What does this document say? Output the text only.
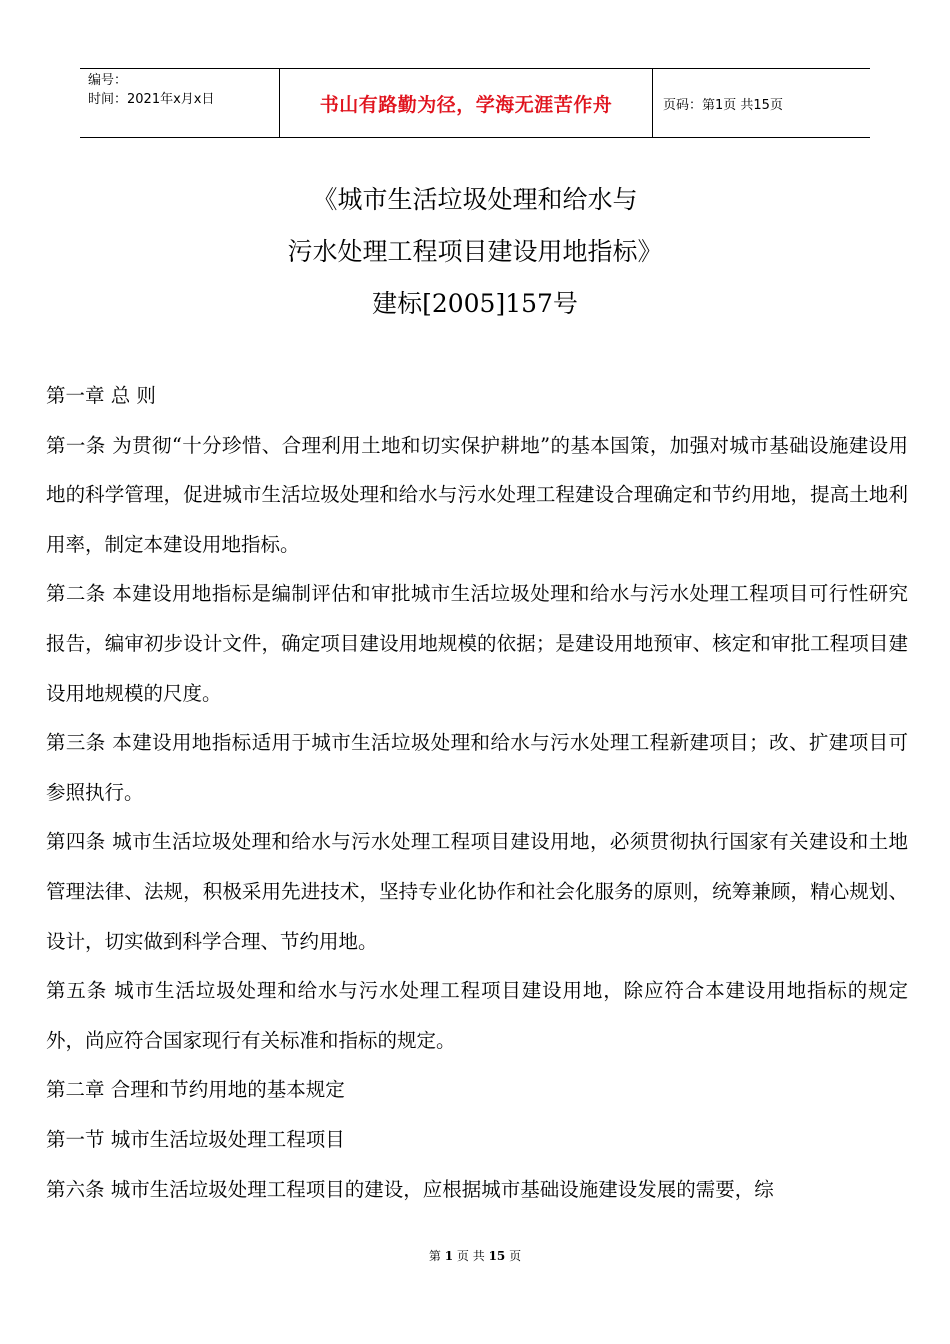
编号：
时间：2021年x月x日	书山有路勤为径，学海无涯苦作舟	页码：第1页 共15页
《城市生活垃圾处理和给水与
污水处理工程项目建设用地指标》
建标[2005]157号

第一章 总 则

第一条 为贯彻“十分珍惜、合理利用土地和切实保护耕地”的基本国策，加强对城市基础设施建设用地的科学管理，促进城市生活垃圾处理和给水与污水处理工程建设合理确定和节约用地，提高土地利用率，制定本建设用地指标。

第二条 本建设用地指标是编制评估和审批城市生活垃圾处理和给水与污水处理工程项目可行性研究报告，编审初步设计文件，确定项目建设用地规模的依据；是建设用地预审、核定和审批工程项目建设用地规模的尺度。

第三条 本建设用地指标适用于城市生活垃圾处理和给水与污水处理工程新建项目；改、扩建项目可参照执行。

第四条 城市生活垃圾处理和给水与污水处理工程项目建设用地，必须贯彻执行国家有关建设和土地管理法律、法规，积极采用先进技术，坚持专业化协作和社会化服务的原则，统筹兼顾，精心规划、设计，切实做到科学合理、节约用地。

第五条 城市生活垃圾处理和给水与污水处理工程项目建设用地，除应符合本建设用地指标的规定外，尚应符合国家现行有关标准和指标的规定。

第二章 合理和节约用地的基本规定

第一节 城市生活垃圾处理工程项目

第六条 城市生活垃圾处理工程项目的建设，应根据城市基础设施建设发展的需要，综

第 1 页 共 15 页
